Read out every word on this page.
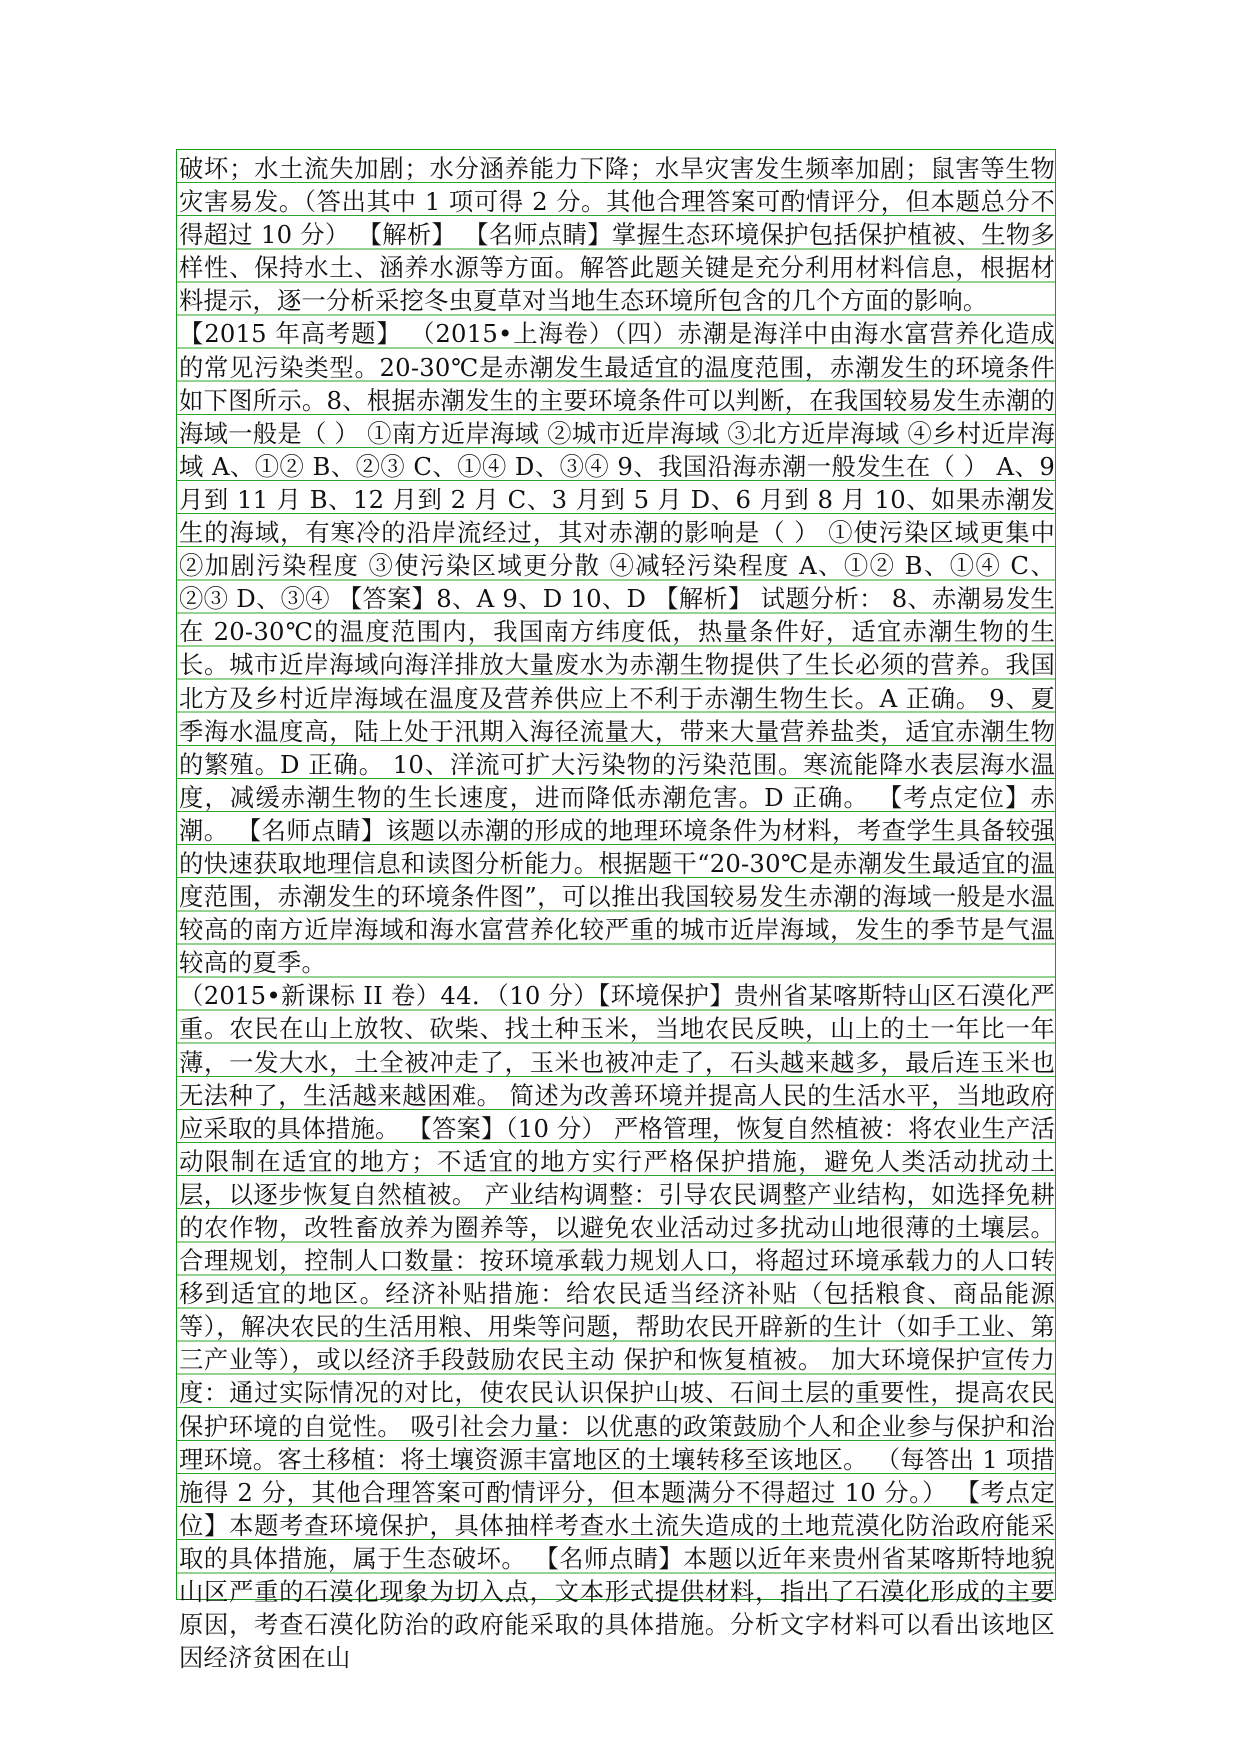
破坏；水土流失加剧；水分涵养能力下降；水旱灾害发生频率加剧；鼠害等生物灾害易发。（答出其中 1 项可得 2 分。其他合理答案可酌情评分，但本题总分不得超过 10 分） 【解析】 【名师点睛】掌握生态环境保护包括保护植被、生物多样性、保持水土、涵养水源等方面。解答此题关键是充分利用材料信息，根据材料提示，逐一分析采挖冬虫夏草对当地生态环境所包含的几个方面的影响。

【2015 年高考题】 （2015•上海卷）（四）赤潮是海洋中由海水富营养化造成的常见污染类型。20-30℃是赤潮发生最适宜的温度范围，赤潮发生的环境条件如下图所示。8、根据赤潮发生的主要环境条件可以判断，在我国较易发生赤潮的海域一般是（ ） ①南方近岸海域 ②城市近岸海域 ③北方近岸海域 ④乡村近岸海域 A、①② B、②③ C、①④ D、③④ 9、我国沿海赤潮一般发生在（ ） A、9 月到 11 月 B、12 月到 2 月 C、3 月到 5 月 D、6 月到 8 月 10、如果赤潮发生的海域，有寒冷的沿岸流经过，其对赤潮的影响是（ ） ①使污染区域更集中 ②加剧污染程度 ③使污染区域更分散 ④减轻污染程度 A、①② B、①④ C、②③ D、③④ 【答案】8、A 9、D 10、D 【解析】 试题分析： 8、赤潮易发生在 20-30℃的温度范围内，我国南方纬度低，热量条件好，适宜赤潮生物的生长。城市近岸海域向海洋排放大量废水为赤潮生物提供了生长必须的营养。我国北方及乡村近岸海域在温度及营养供应上不利于赤潮生物生长。A 正确。 9、夏季海水温度高，陆上处于汛期入海径流量大，带来大量营养盐类，适宜赤潮生物的繁殖。D 正确。 10、洋流可扩大污染物的污染范围。寒流能降水表层海水温度，减缓赤潮生物的生长速度，进而降低赤潮危害。D 正确。 【考点定位】赤潮。 【名师点睛】该题以赤潮的形成的地理环境条件为材料，考查学生具备较强的快速获取地理信息和读图分析能力。根据题干“20-30℃是赤潮发生最适宜的温度范围，赤潮发生的环境条件图”，可以推出我国较易发生赤潮的海域一般是水温较高的南方近岸海域和海水富营养化较严重的城市近岸海域，发生的季节是气温较高的夏季。

（2015•新课标 II 卷）44．（10 分）【环境保护】贵州省某喀斯特山区石漠化严重。农民在山上放牧、砍柴、找土种玉米，当地农民反映，山上的土一年比一年薄，一发大水，土全被冲走了，玉米也被冲走了，石头越来越多，最后连玉米也无法种了，生活越来越困难。 简述为改善环境并提高人民的生活水平，当地政府应采取的具体措施。 【答案】（10 分） 严格管理，恢复自然植被：将农业生产活动限制在适宜的地方；不适宜的地方实行严格保护措施，避免人类活动扰动土层，以逐步恢复自然植被。 产业结构调整：引导农民调整产业结构，如选择免耕的农作物，改牲畜放养为圈养等，以避免农业活动过多扰动山地很薄的土壤层。 合理规划，控制人口数量：按环境承载力规划人口，将超过环境承载力的人口转移到适宜的地区。经济补贴措施：给农民适当经济补贴（包括粮食、商品能源等），解决农民的生活用粮、用柴等问题，帮助农民开辟新的生计（如手工业、第三产业等），或以经济手段鼓励农民主动 保护和恢复植被。 加大环境保护宣传力度：通过实际情况的对比，使农民认识保护山坡、石间土层的重要性，提高农民保护环境的自觉性。 吸引社会力量：以优惠的政策鼓励个人和企业参与保护和治理环境。客土移植：将土壤资源丰富地区的土壤转移至该地区。 （每答出 1 项措施得 2 分，其他合理答案可酌情评分，但本题满分不得超过 10 分。） 【考点定位】本题考查环境保护，具体抽样考查水土流失造成的土地荒漠化防治政府能采取的具体措施，属于生态破坏。 【名师点睛】本题以近年来贵州省某喀斯特地貌山区严重的石漠化现象为切入点，文本形式提供材料，指出了石漠化形成的主要原因，考查石漠化防治的政府能采取的具体措施。分析文字材料可以看出该地区因经济贫困在山
